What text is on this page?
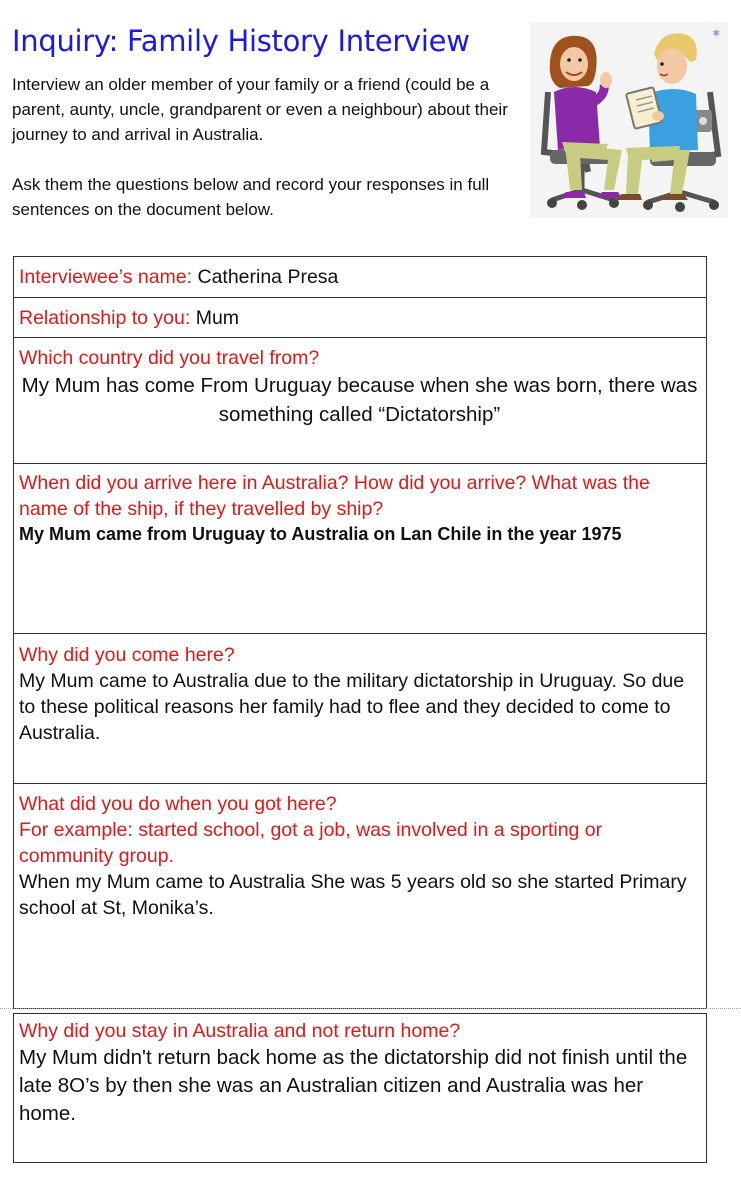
Inquiry: Family History Interview

Interview an older member of your family or a friend (could be a parent, aunty, uncle, grandparent or even a neighbour) about their journey to and arrival in Australia.

Ask them the questions below and record your responses in full sentences on the document below.

✱
Interviewee’s name: Catherina Presa
Relationship to you: Mum
Which country did you travel from?
My Mum has come From Uruguay because when she was born, there was something called “Dictatorship”
When did you arrive here in Australia? How did you arrive? What was the name of the ship, if they travelled by ship?
My Mum came from Uruguay to Australia on Lan Chile in the year 1975
Why did you come here?
My Mum came to Australia due to the military dictatorship in Uruguay. So due to these political reasons her family had to flee and they decided to come to Australia.
What did you do when you got here?
For example: started school, got a job, was involved in a sporting or community group.
When my Mum came to Australia She was 5 years old so she started Primary school at St, Monika’s.
Why did you stay in Australia and not return home?
My Mum didn't return back home as the dictatorship did not finish until the late 8O’s by then she was an Australian citizen and Australia was her home.
